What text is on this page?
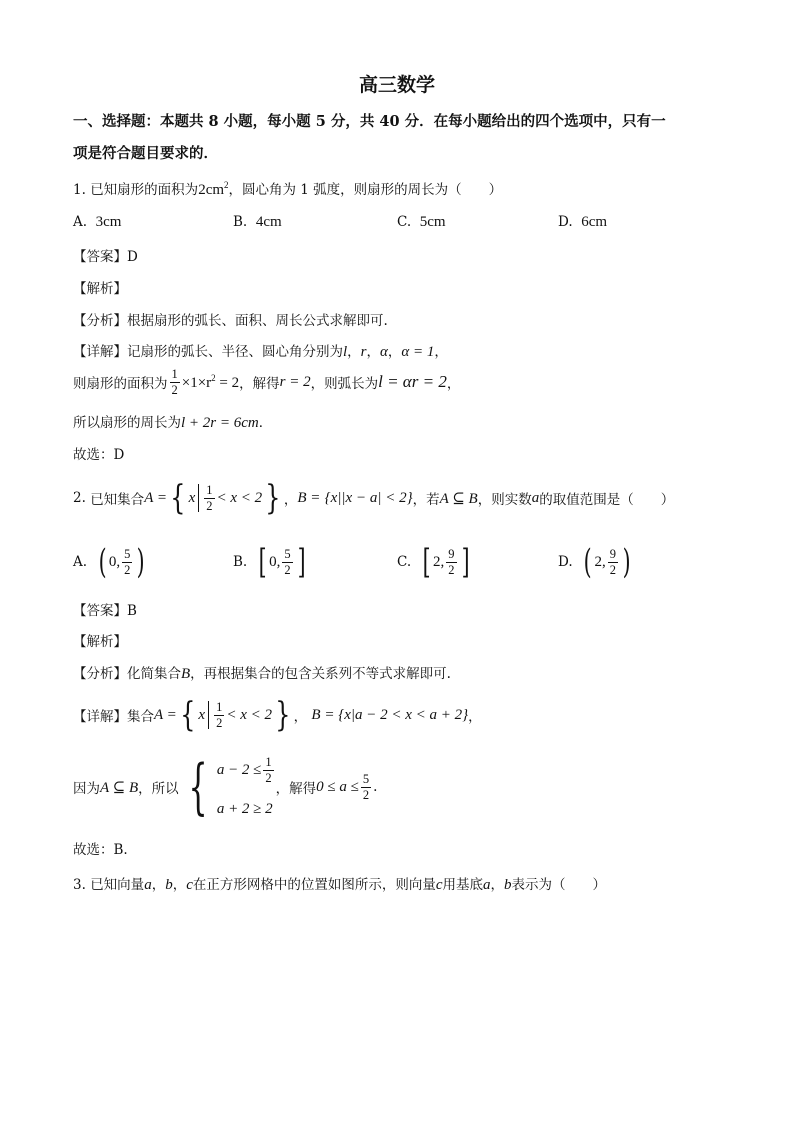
高三数学
一、选择题：本题共 8 小题，每小题 5 分，共 40 分．在每小题给出的四个选项中，只有一
项是符合题目要求的．
1. 已知扇形的面积为$2cm^2$，圆心角为 1 弧度，则扇形的周长为（　　）
A. 3cm	B. 4cm	C. 5cm	D. 6cm
【答案】D
【解析】
【分析】根据扇形的弧长、面积、周长公式求解即可.
【详解】记扇形的弧长、半径、圆心角分别为l，r，α，α = 1，
则扇形的面积为 $\frac{1}{2} \times 1\times r^2 = 2$ ，解得 r = 2 ，则弧长为 l = αr = 2 ，
所以扇形的周长为l + 2r = 6cm．
故选：D
2.
已知集合 A = { x $\frac{1}{2} < x < 2$ } ， B =
{x||x − a| < 2} ，若 A ⊆ B ，则实数 a 的取值范围是（　　）
A.
( 0, $\frac{5}{2}$ )	B.
[ 0, $\frac{5}{2}$ ]	C.
[ 2, $\frac{9}{2}$ ]	D.
( 2, $\frac{9}{2}$ )
【答案】B
【解析】
【分析】化简集合B，再根据集合的包含关系列不等式求解即可.
【详解】 集合 A = { x $\frac{1}{2} < x < 2$ } ，
B = {x|a − 2 < x < a + 2} ，
因为 A ⊆ B ，所以 { $a - 2 \le \frac{1}{2}$
a + 2 ≥ 2
，解得 $0 \le a \le \frac{5}{2}$ .
故选：B.
3. 已知向量a，b，c在正方形网格中的位置如图所示，则向量c用基底a，b表示为（　　）
